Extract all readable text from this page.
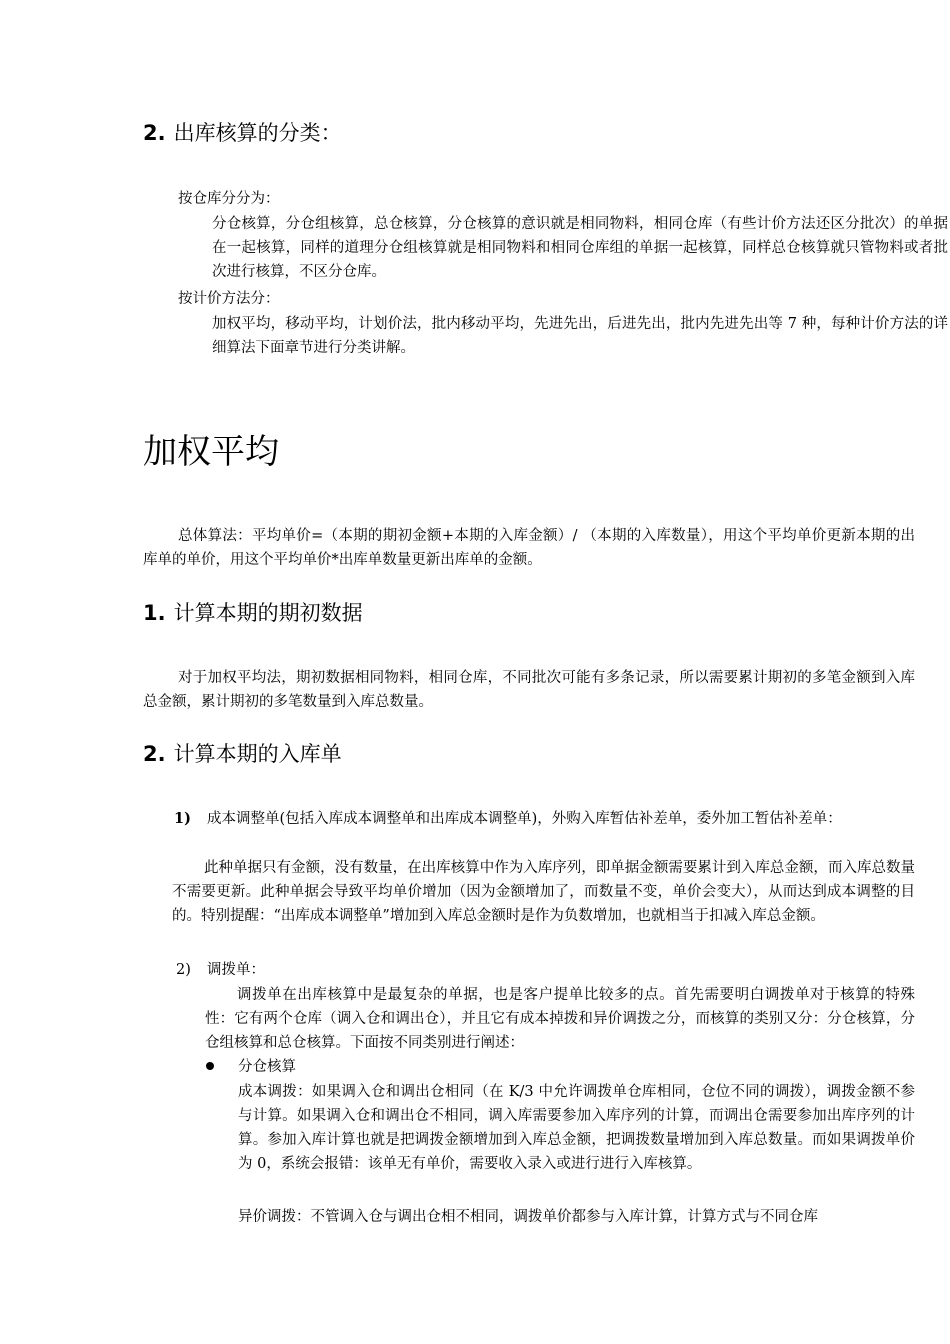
2. 出库核算的分类：
按仓库分分为：
分仓核算，分仓组核算，总仓核算，分仓核算的意识就是相同物料，相同仓库（有些计价方法还区分批次）的单据在一起核算，同样的道理分仓组核算就是相同物料和相同仓库组的单据一起核算，同样总仓核算就只管物料或者批次进行核算，不区分仓库。
按计价方法分：
加权平均，移动平均，计划价法，批内移动平均，先进先出，后进先出，批内先进先出等 7 种，每种计价方法的详细算法下面章节进行分类讲解。
加权平均
总体算法：平均单价=（本期的期初金额+本期的入库金额）/ （本期的入库数量），用这个平均单价更新本期的出库单的单价，用这个平均单价*出库单数量更新出库单的金额。
1. 计算本期的期初数据
对于加权平均法，期初数据相同物料，相同仓库，不同批次可能有多条记录，所以需要累计期初的多笔金额到入库总金额，累计期初的多笔数量到入库总数量。
2. 计算本期的入库单
1) 成本调整单(包括入库成本调整单和出库成本调整单)，外购入库暂估补差单，委外加工暂估补差单：
此种单据只有金额，没有数量，在出库核算中作为入库序列，即单据金额需要累计到入库总金额，而入库总数量不需要更新。此种单据会导致平均单价增加（因为金额增加了，而数量不变，单价会变大），从而达到成本调整的目的。特别提醒：“出库成本调整单”增加到入库总金额时是作为负数增加，也就相当于扣减入库总金额。
2) 调拨单：
调拨单在出库核算中是最复杂的单据，也是客户提单比较多的点。首先需要明白调拨单对于核算的特殊性：它有两个仓库（调入仓和调出仓），并且它有成本掉拨和异价调拨之分，而核算的类别又分：分仓核算，分仓组核算和总仓核算。下面按不同类别进行阐述：
分仓核算
成本调拨：如果调入仓和调出仓相同（在 K/3 中允许调拨单仓库相同，仓位不同的调拨），调拨金额不参与计算。如果调入仓和调出仓不相同，调入库需要参加入库序列的计算，而调出仓需要参加出库序列的计算。参加入库计算也就是把调拨金额增加到入库总金额，把调拨数量增加到入库总数量。而如果调拨单价为 0，系统会报错：该单无有单价，需要收入录入或进行进行入库核算。
异价调拨：不管调入仓与调出仓相不相同，调拨单价都参与入库计算，计算方式与不同仓库
